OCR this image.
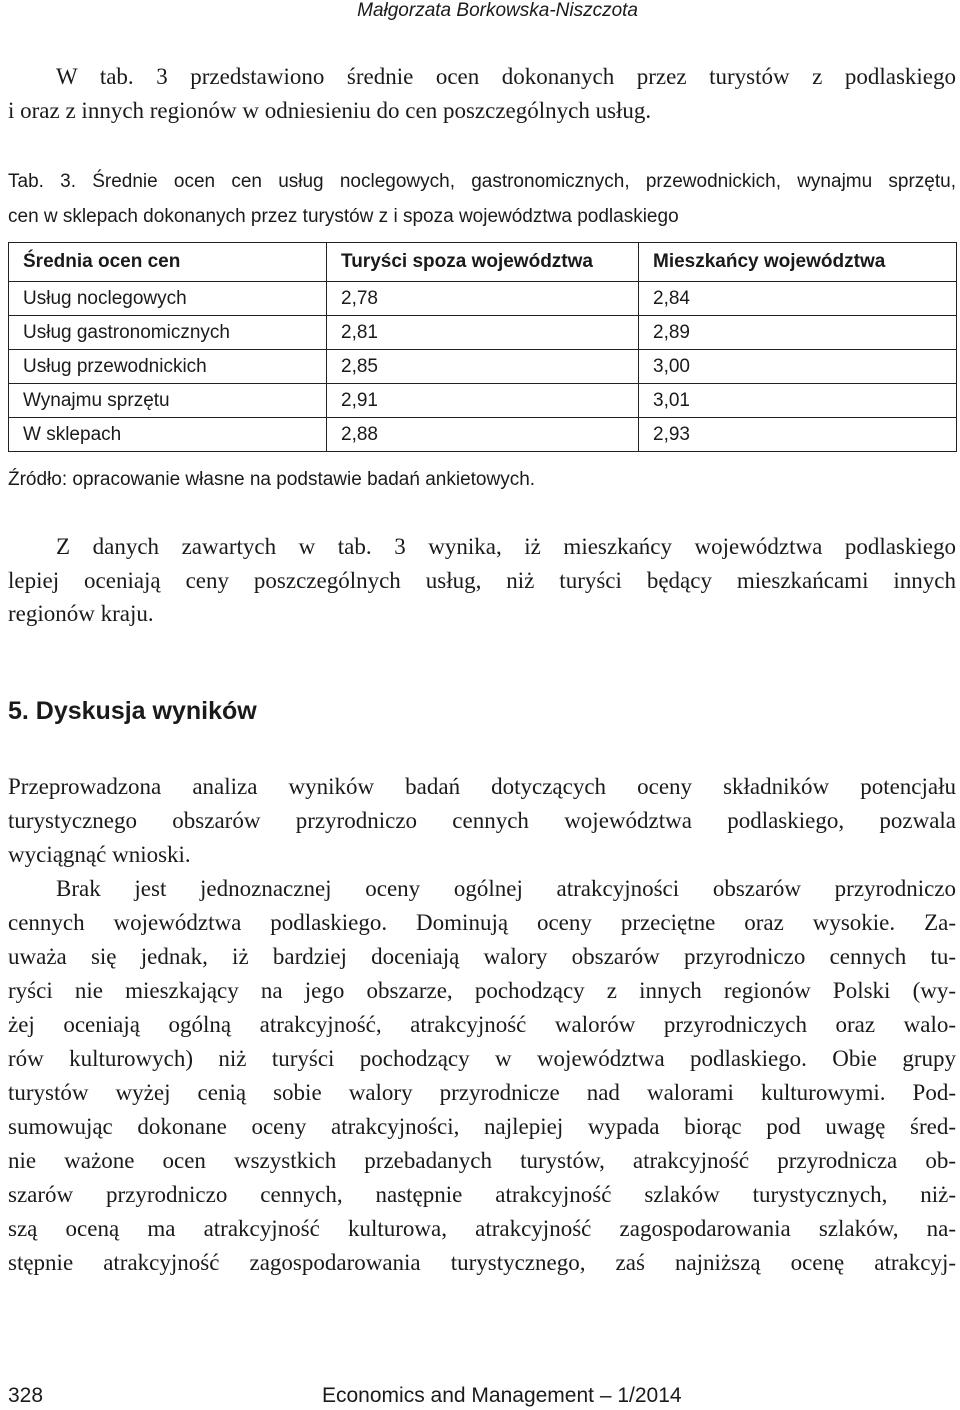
Małgorzata Borkowska-Niszczota
W tab. 3 przedstawiono średnie ocen dokonanych przez turystów z podlaskiego
i oraz z innych regionów w odniesieniu do cen poszczególnych usług.
Tab. 3. Średnie ocen cen usług noclegowych, gastronomicznych, przewodnickich, wynajmu sprzętu,
cen w sklepach dokonanych przez turystów z i spoza województwa podlaskiego
Średnia ocen cen	Turyści spoza województwa	Mieszkańcy województwa
Usług noclegowych	2,78	2,84
Usług gastronomicznych	2,81	2,89
Usług przewodnickich	2,85	3,00
Wynajmu sprzętu	2,91	3,01
W sklepach	2,88	2,93
Źródło: opracowanie własne na podstawie badań ankietowych.
Z danych zawartych w tab. 3 wynika, iż mieszkańcy województwa podlaskiego
lepiej oceniają ceny poszczególnych usług, niż turyści będący mieszkańcami innych
regionów kraju.
5. Dyskusja wyników
Przeprowadzona analiza wyników badań dotyczących oceny składników potencjału
turystycznego obszarów przyrodniczo cennych województwa podlaskiego, pozwala
wyciągnąć wnioski.
Brak jest jednoznacznej oceny ogólnej atrakcyjności obszarów przyrodniczo
cennych województwa podlaskiego. Dominują oceny przeciętne oraz wysokie. Za-
uważa się jednak, iż bardziej doceniają walory obszarów przyrodniczo cennych tu-
ryści nie mieszkający na jego obszarze, pochodzący z innych regionów Polski (wy-
żej oceniają ogólną atrakcyjność, atrakcyjność walorów przyrodniczych oraz walo-
rów kulturowych) niż turyści pochodzący w województwa podlaskiego. Obie grupy
turystów wyżej cenią sobie walory przyrodnicze nad walorami kulturowymi. Pod-
sumowując dokonane oceny atrakcyjności, najlepiej wypada biorąc pod uwagę śred-
nie ważone ocen wszystkich przebadanych turystów, atrakcyjność przyrodnicza ob-
szarów przyrodniczo cennych, następnie atrakcyjność szlaków turystycznych, niż-
szą oceną ma atrakcyjność kulturowa, atrakcyjność zagospodarowania szlaków, na-
stępnie atrakcyjność zagospodarowania turystycznego, zaś najniższą ocenę atrakcyj-
328	Economics and Management – 1/2014
